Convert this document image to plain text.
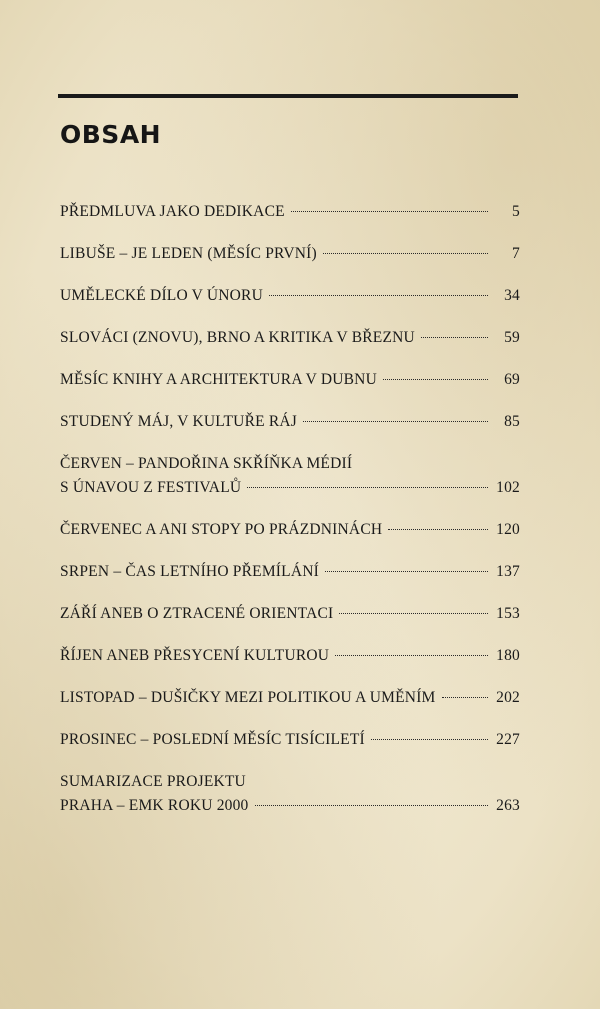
OBSAH
PŘEDMLUVA JAKO DEDIKACE	5
LIBUŠE – JE LEDEN (MĚSÍC PRVNÍ)	7
UMĚLECKÉ DÍLO V ÚNORU	34
SLOVÁCI (ZNOVU), BRNO A KRITIKA V BŘEZNU	59
MĚSÍC KNIHY A ARCHITEKTURA V DUBNU	69
STUDENÝ MÁJ, V KULTUŘE RÁJ	85
ČERVEN – PANDOŘINA SKŘÍŇKA MÉDIÍ
S ÚNAVOU Z FESTIVALŮ	102
ČERVENEC A ANI STOPY PO PRÁZDNINÁCH	120
SRPEN – ČAS LETNÍHO PŘEMÍLÁNÍ	137
ZÁŘÍ ANEB O ZTRACENÉ ORIENTACI	153
ŘÍJEN ANEB PŘESYCENÍ KULTUROU	180
LISTOPAD – DUŠIČKY MEZI POLITIKOU A UMĚNÍM	202
PROSINEC – POSLEDNÍ MĚSÍC TISÍCILETÍ	227
SUMARIZACE PROJEKTU
PRAHA – EMK ROKU 2000	263
